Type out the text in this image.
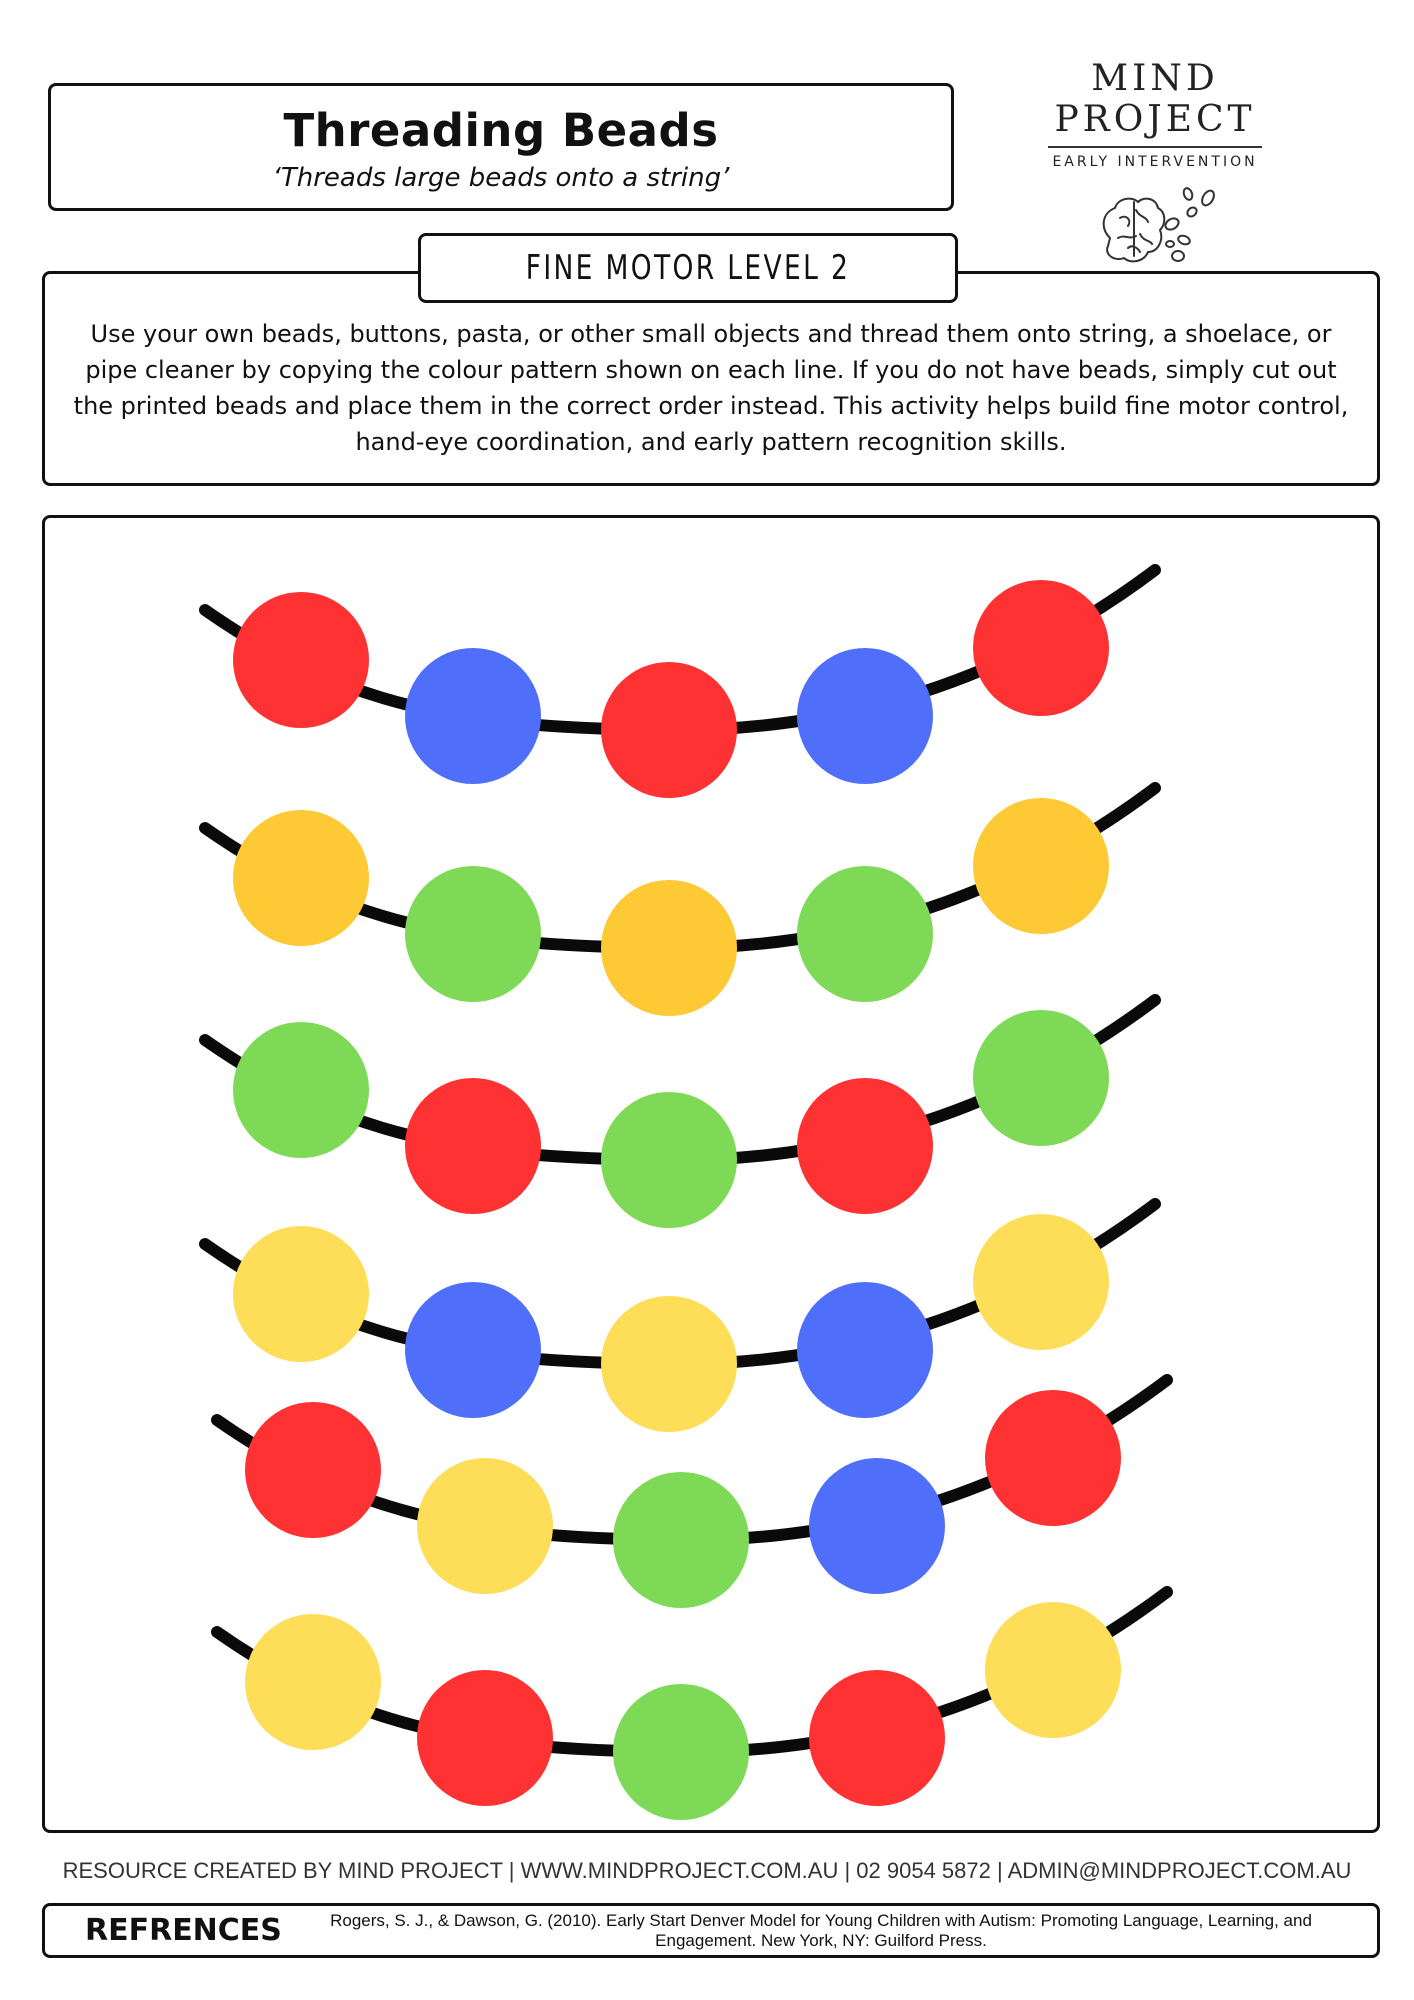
Threading Beads
‘Threads large beads onto a string’
MIND PROJECT
EARLY INTERVENTION

Use your own beads, buttons, pasta, or other small objects and thread them onto string, a shoelace, or pipe cleaner by copying the colour pattern shown on each line. If you do not have beads, simply cut out the printed beads and place them in the correct order instead. This activity helps build fine motor control, hand-eye coordination, and early pattern recognition skills.

FINE MOTOR LEVEL 2
RESOURCE CREATED BY MIND PROJECT | WWW.MINDPROJECT.COM.AU | 02 9054 5872 | ADMIN@MINDPROJECT.COM.AU
REFRENCES	Rogers, S. J., & Dawson, G. (2010). Early Start Denver Model for Young Children with Autism: Promoting Language, Learning, and Engagement. New York, NY: Guilford Press.
